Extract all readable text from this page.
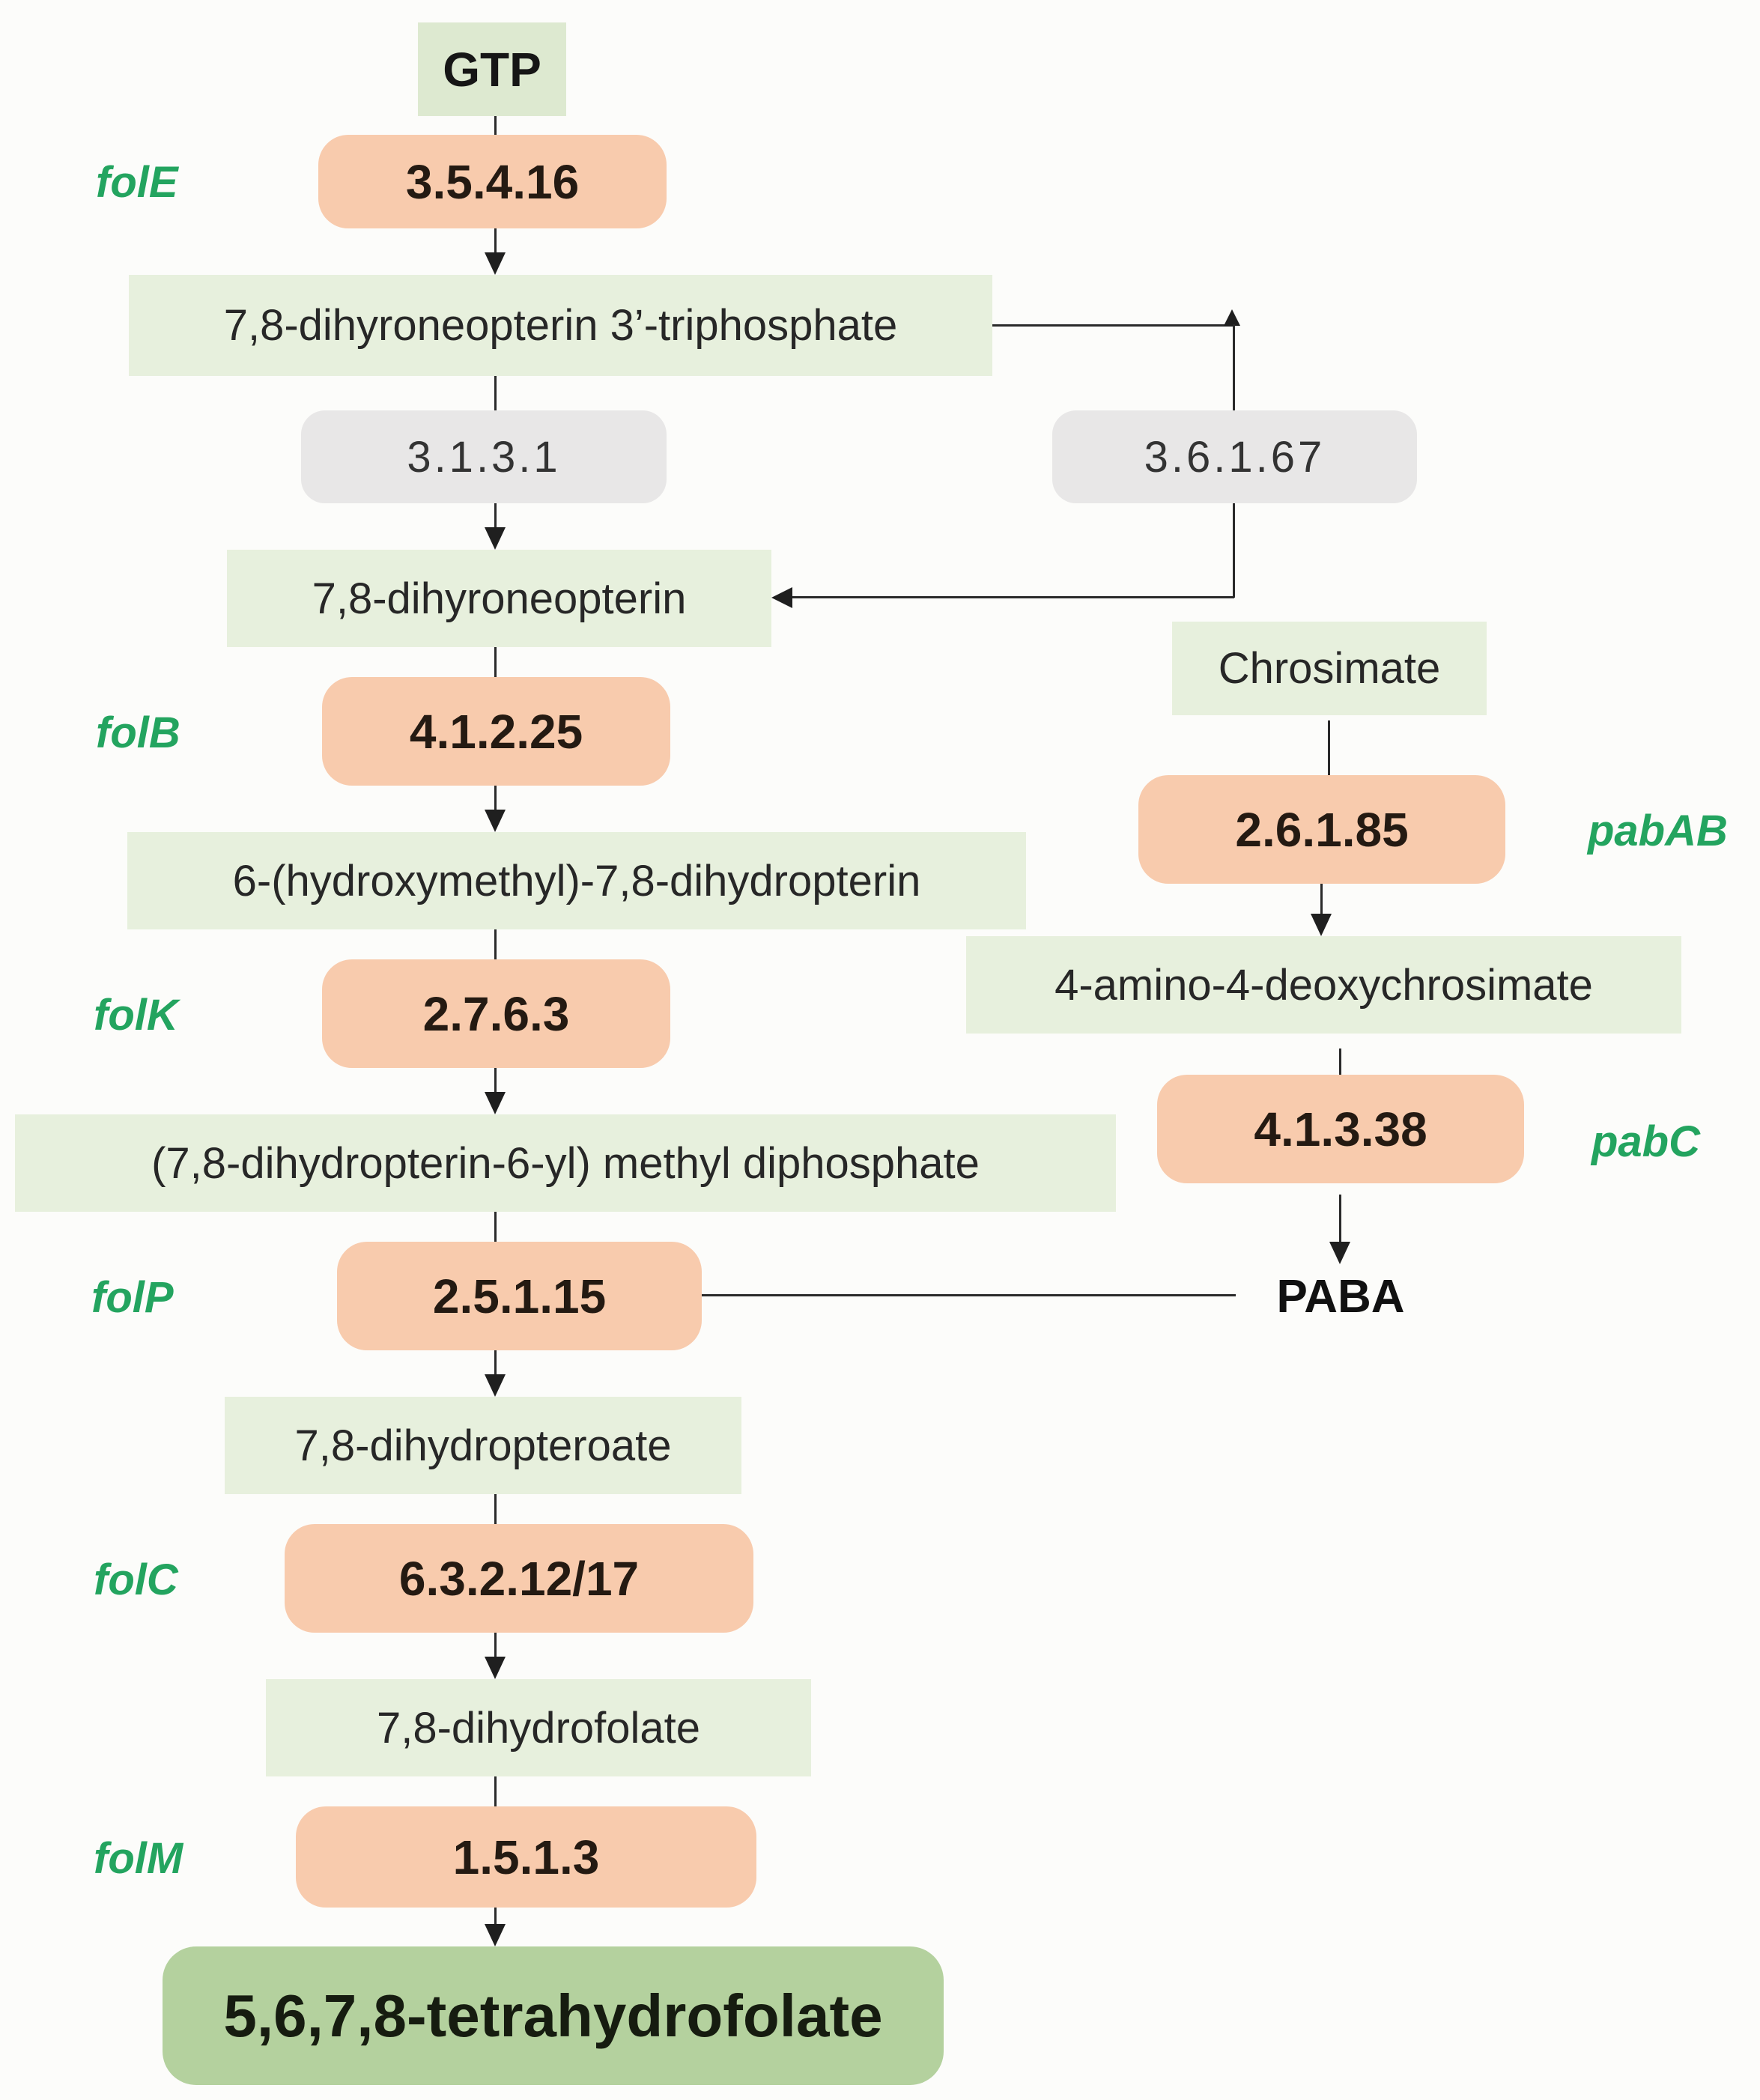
GTP
7,8-dihyroneopterin 3’-triphosphate
7,8-dihyroneopterin
Chrosimate
6-(hydroxymethyl)-7,8-dihydropterin
4-amino-4-deoxychrosimate
(7,8-dihydropterin-6-yl) methyl diphosphate
7,8-dihydropteroate
7,8-dihydrofolate
5,6,7,8-tetrahydrofolate
PABA
3.5.4.16
4.1.2.25
2.6.1.85
2.7.6.3
4.1.3.38
2.5.1.15
6.3.2.12/17
1.5.1.3
3.1.3.1	3.6.1.67
folE
folB
folK
folP
folC
folM
pabAB
pabC
